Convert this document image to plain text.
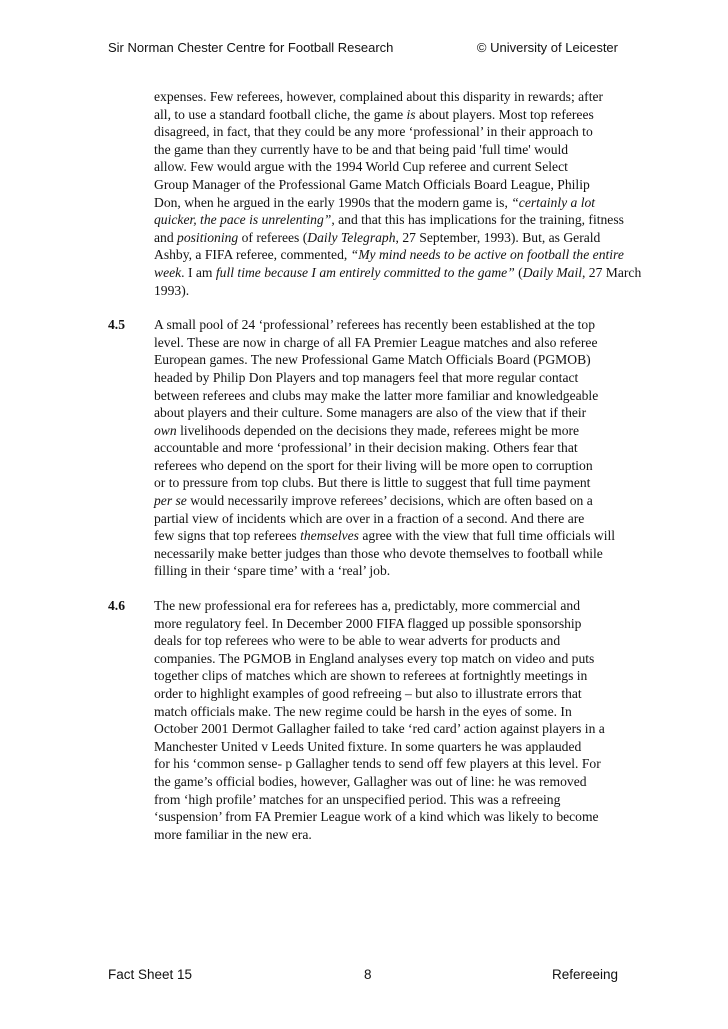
Sir Norman Chester Centre for Football Research	© University of Leicester
expenses. Few referees, however, complained about this disparity in rewards; after
all, to use a standard football cliche, the game is about players. Most top referees
disagreed, in fact, that they could be any more ‘professional’ in their approach to
the game than they currently have to be and that being paid 'full time' would
allow. Few would argue with the 1994 World Cup referee and current Select
Group Manager of the Professional Game Match Officials Board League, Philip
Don, when he argued in the early 1990s that the modern game is, “certainly a lot
quicker, the pace is unrelenting”, and that this has implications for the training, fitness
and positioning of referees (Daily Telegraph, 27 September, 1993). But, as Gerald
Ashby, a FIFA referee, commented, “My mind needs to be active on football the entire
week. I am full time because I am entirely committed to the game” (Daily Mail, 27 March
1993).
4.5 A small pool of 24 ‘professional’ referees has recently been established at the top
level. These are now in charge of all FA Premier League matches and also referee
European games. The new Professional Game Match Officials Board (PGMOB)
headed by Philip Don Players and top managers feel that more regular contact
between referees and clubs may make the latter more familiar and knowledgeable
about players and their culture. Some managers are also of the view that if their
own livelihoods depended on the decisions they made, referees might be more
accountable and more ‘professional’ in their decision making. Others fear that
referees who depend on the sport for their living will be more open to corruption
or to pressure from top clubs. But there is little to suggest that full time payment
per se would necessarily improve referees’ decisions, which are often based on a
partial view of incidents which are over in a fraction of a second. And there are
few signs that top referees themselves agree with the view that full time officials will
necessarily make better judges than those who devote themselves to football while
filling in their ‘spare time’ with a ‘real’ job.
4.6 The new professional era for referees has a, predictably, more commercial and
more regulatory feel. In December 2000 FIFA flagged up possible sponsorship
deals for top referees who were to be able to wear adverts for products and
companies. The PGMOB in England analyses every top match on video and puts
together clips of matches which are shown to referees at fortnightly meetings in
order to highlight examples of good refreeing – but also to illustrate errors that
match officials make. The new regime could be harsh in the eyes of some. In
October 2001 Dermot Gallagher failed to take ‘red card’ action against players in a
Manchester United v Leeds United fixture. In some quarters he was applauded
for his ‘common sense- p Gallagher tends to send off few players at this level. For
the game’s official bodies, however, Gallagher was out of line: he was removed
from ‘high profile’ matches for an unspecified period. This was a refreeing
‘suspension’ from FA Premier League work of a kind which was likely to become
more familiar in the new era.
Fact Sheet 15	8	Refereeing
